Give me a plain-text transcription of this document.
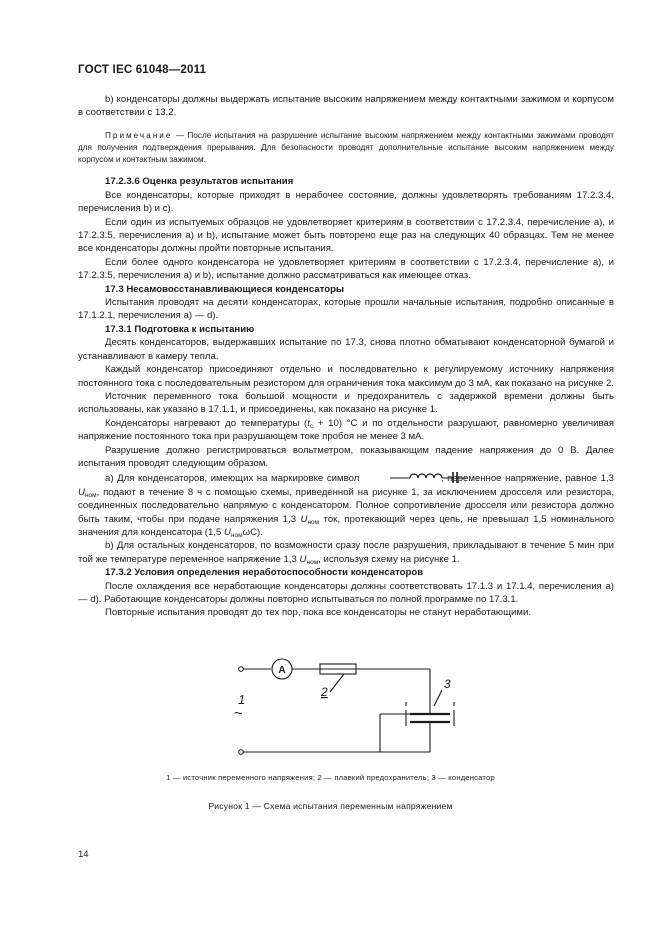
ГОСТ IEC 61048—2011

b) конденсаторы должны выдержать испытание высоким напряжением между контактными зажимом и корпусом в соответствии с 13.2.

Примечание — После испытания на разрушение испытание высоким напряжением между контактными зажимами проводят для получения подтверждения прерывания. Для безопасности проводят дополнительные испытание высоким напряжением между корпусом и контактным зажимом.

17.2.3.6 Оценка результатов испытания

Все конденсаторы, которые приходят в нерабочее состояние, должны удовлетворять требованиям 17.2.3.4, перечисления b) и с).

Если один из испытуемых образцов не удовлетворяет критериям в соответствии с 17.2.3.4, перечисление а), и 17.2.3.5, перечисления а) и b), испытание может быть повторено еще раз на следующих 40 образцах. Тем не менее все конденсаторы должны пройти повторные испытания.

Если более одного конденсатора не удовлетворяет критериям в соответствии с 17.2.3.4, перечисление а), и 17.2.3.5, перечисления а) и b), испытание должно рассматриваться как имеющее отказ.

17.3 Несамовосстанавливающиеся конденсаторы

Испытания проводят на десяти конденсаторах, которые прошли начальные испытания, подробно описанные в 17.1.2.1, перечисления а) — d).

17.3.1 Подготовка к испытанию

Десять конденсаторов, выдержавших испытание по 17.3, снова плотно обматывают конденсаторной бумагой и устанавливают в камеру тепла.

Каждый конденсатор присоединяют отдельно и последовательно к регулируемому источнику напряжения постоянного тока с последовательным резистором для ограничения тока максимум до 3 мА, как показано на рисунке 2.

Источник переменного тока большой мощности и предохранитель с задержкой времени должны быть использованы, как указано в 17.1.1, и присоединены, как показано на рисунке 1.

Конденсаторы нагревают до температуры $(t_c + 10)$ °С и по отдельности разрушают, равномерно увеличивая напряжение постоянного тока при разрушающем токе пробоя не менее 3 мА.

Разрушение должно регистрироваться вольтметром, показывающим падение напряжения до 0 В. Далее испытания проводят следующим образом.

а) Для конденсаторов, имеющих на маркировке символ	, переменное напряжение, равное 1,3 $U_{ном}$, подают в течение 8 ч с помощью схемы, приведенной на рисунке 1, за исключением дросселя или резистора, соединенных последовательно напрямую с конденсатором. Полное сопротивление дросселя или резистора должно быть таким, чтобы при подаче напряжения 1,3 $U_{ном}$ ток, протекающий через цепь, не превышал 1,5 номинального значения для конденсатора (1,5 $U_{ном}\omega С$).

b) Для остальных конденсаторов, по возможности сразу после разрушения, прикладывают в течение 5 мин при той же температуре переменное напряжение 1,3 $U_{ном}$, используя схему на рисунке 1.

17.3.2 Условия определения неработоспособности конденсаторов

После охлаждения все неработающие конденсаторы должны соответствовать 17.1.3 и 17.1.4, перечисления а) — d). Работающие конденсаторы должны повторно испытываться по полной программе по 17.3.1.

Повторные испытания проводят до тех пор, пока все конденсаторы не станут неработающими.

A
1
~
2
3
1 — источник переменного напряжения; 2 — плавкий предохранитель; 3 — конденсатор
Рисунок 1 — Схема испытания переменным напряжением
14
